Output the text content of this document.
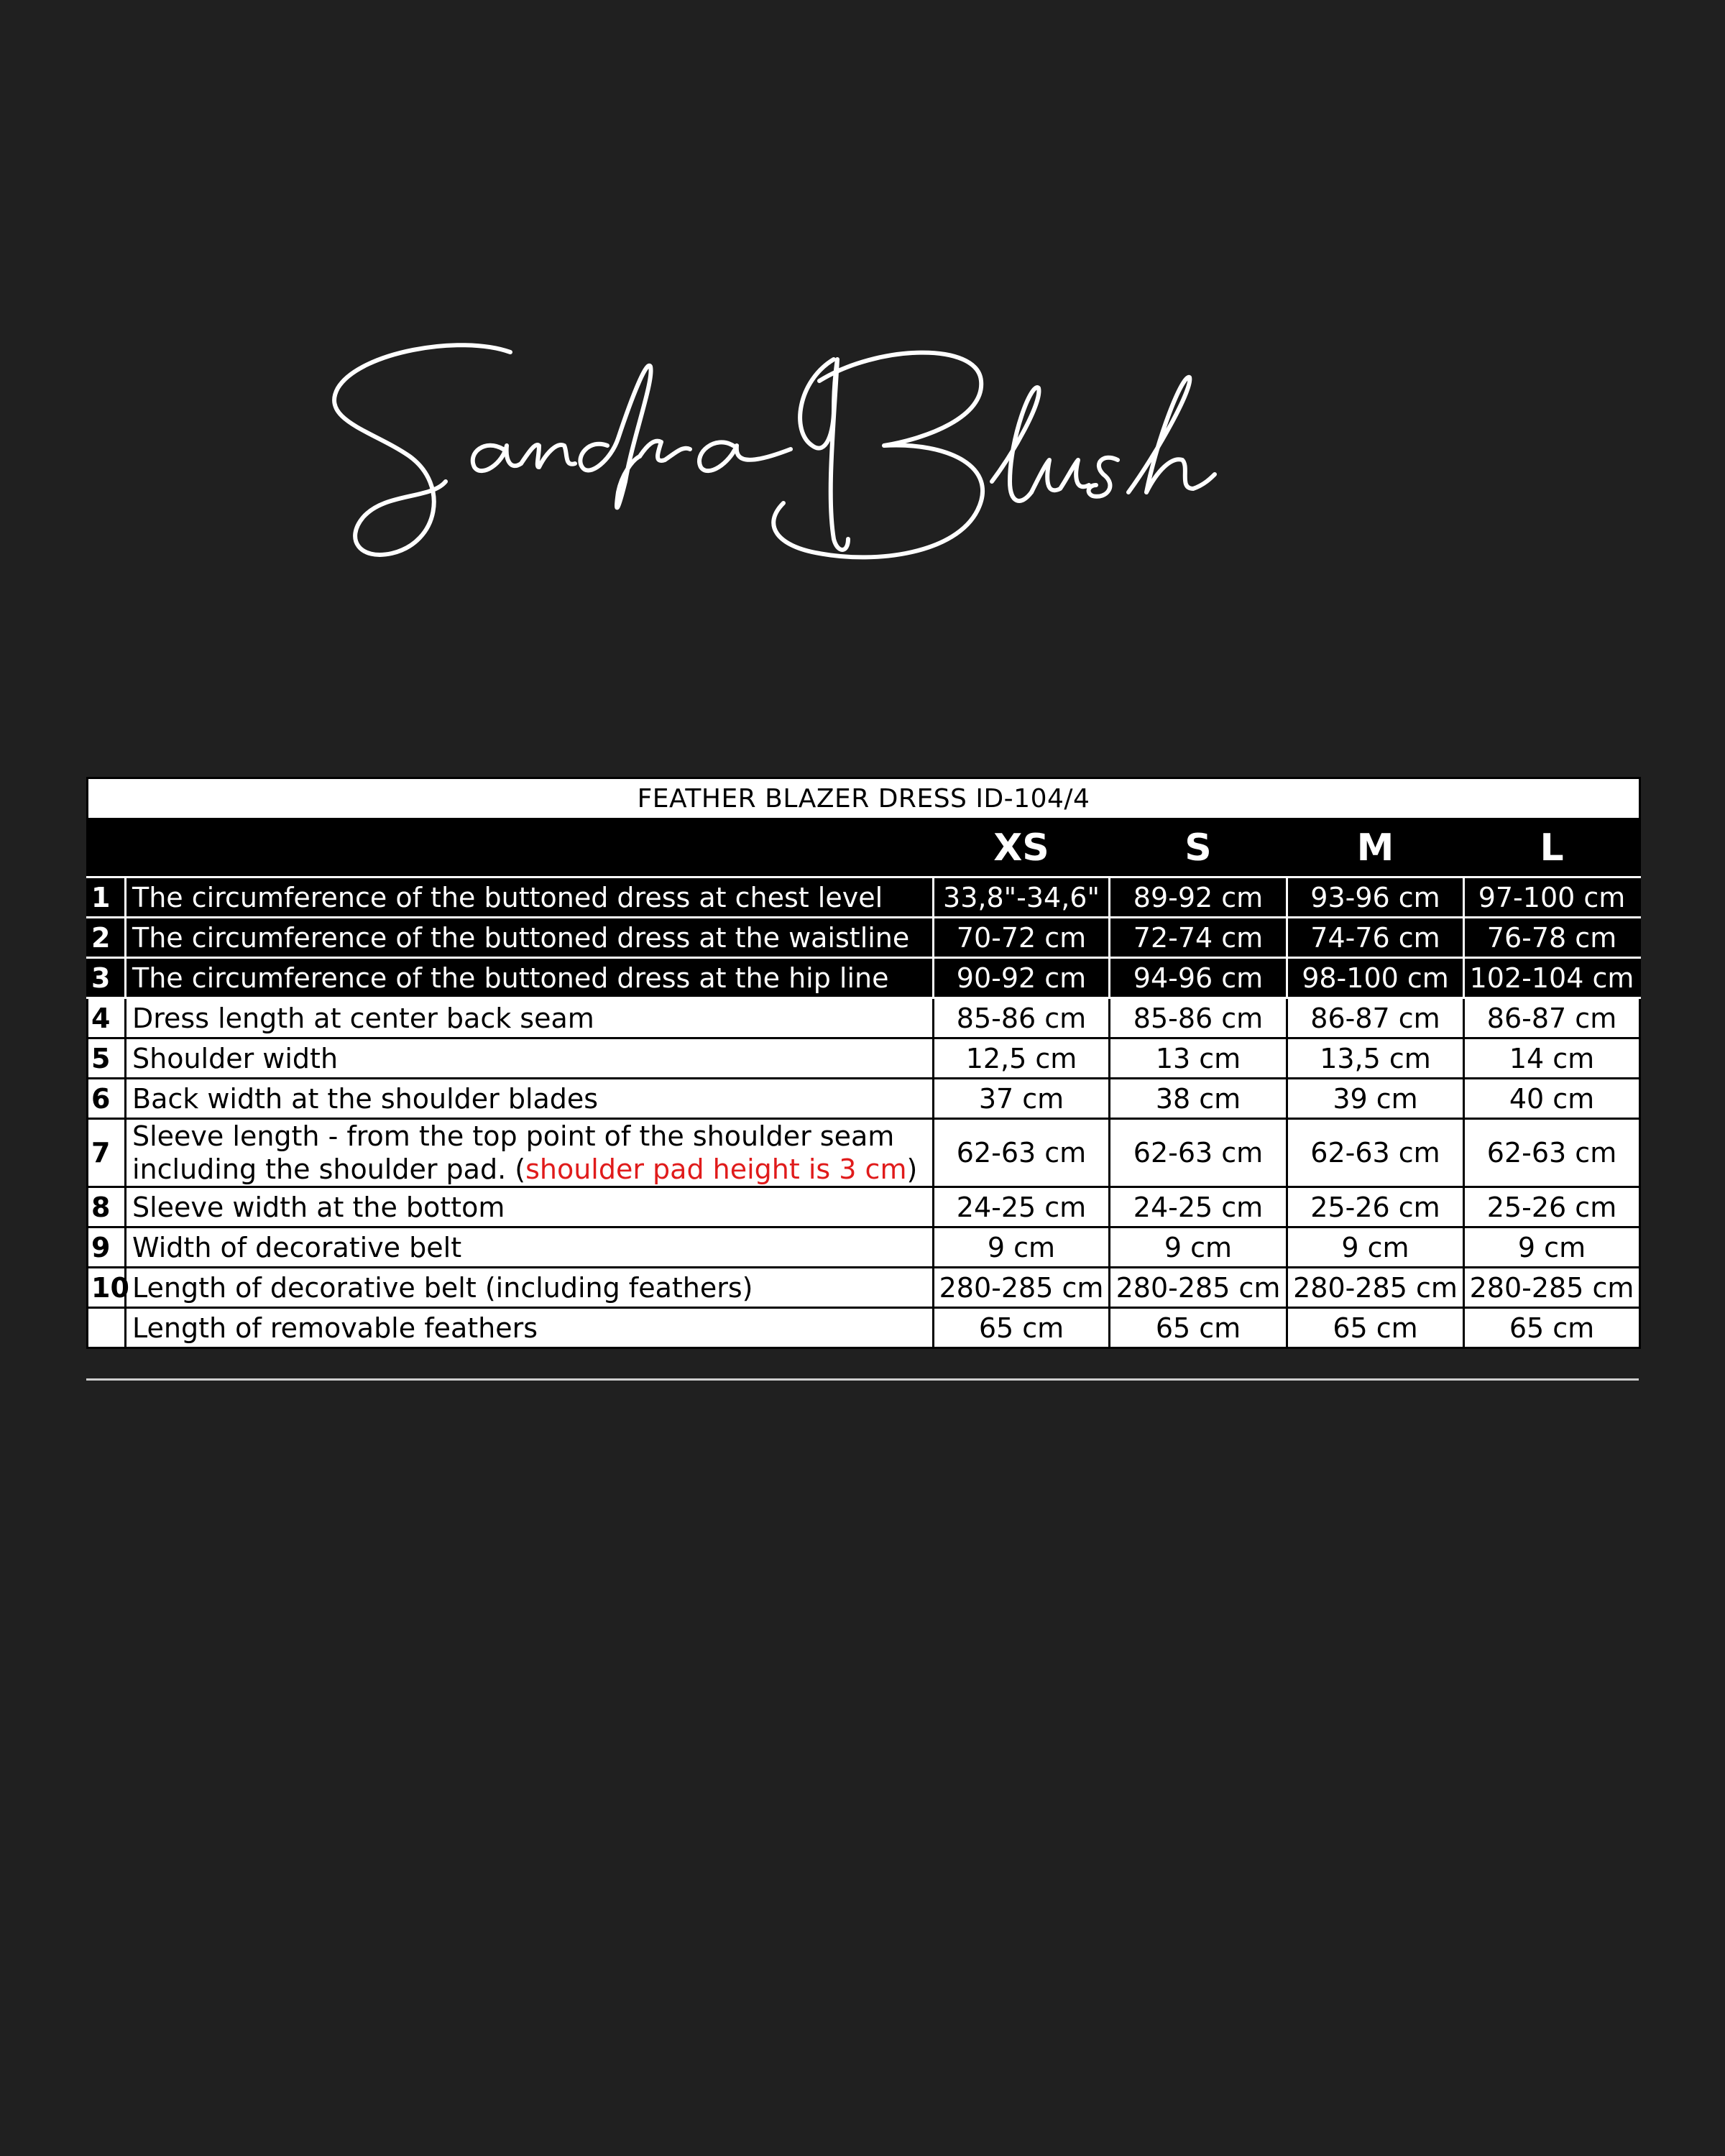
FEATHER BLAZER DRESS ID-104/4					
		XS	S	M	L
1	The circumference of the buttoned dress at chest level	33,8"-34,6"	89-92 cm	93-96 cm	97-100 cm
2	The circumference of the buttoned dress at the waistline	70-72 cm	72-74 cm	74-76 cm	76-78 cm
3	The circumference of the buttoned dress at the hip line	90-92 cm	94-96 cm	98-100 cm	102-104 cm
4	Dress length at center back seam	85-86 cm	85-86 cm	86-87 cm	86-87 cm
5	Shoulder width	12,5 cm	13 cm	13,5 cm	14 cm
6	Back width at the shoulder blades	37 cm	38 cm	39 cm	40 cm
7	Sleeve length - from the top point of the shoulder seam
including the shoulder pad. (shoulder pad height is 3 cm)	62-63 cm	62-63 cm	62-63 cm	62-63 cm
8	Sleeve width at the bottom	24-25 cm	24-25 cm	25-26 cm	25-26 cm
9	Width of decorative belt	9 cm	9 cm	9 cm	9 cm
10	Length of decorative belt (including feathers)	280-285 cm	280-285 cm	280-285 cm	280-285 cm
	Length of removable feathers	65 cm	65 cm	65 cm	65 cm
